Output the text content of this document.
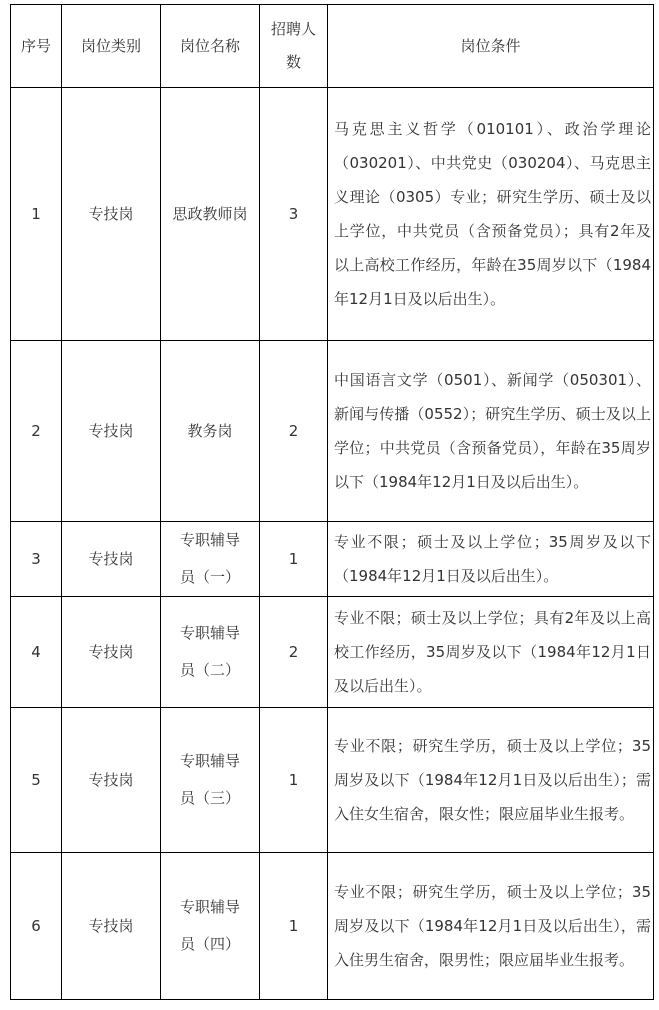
序号	岗位类别	岗位名称	招聘人数	岗位条件
1	专技岗	思政教师岗	3	马克思主义哲学（010101）、政治学理论（030201）、中共党史（030204）、马克思主义理论（0305）专业；研究生学历、硕士及以上学位，中共党员（含预备党员）；具有2年及以上高校工作经历，年龄在35周岁以下（1984年12月1日及以后出生）。
2	专技岗	教务岗	2	中国语言文学（0501）、新闻学（050301）、新闻与传播（0552）；研究生学历、硕士及以上学位；中共党员（含预备党员），年龄在35周岁以下（1984年12月1日及以后出生）。
3	专技岗	专职辅导员（一）	1	专业不限；硕士及以上学位；35周岁及以下（1984年12月1日及以后出生）。
4	专技岗	专职辅导员（二）	2	专业不限；硕士及以上学位；具有2年及以上高校工作经历，35周岁及以下（1984年12月1日及以后出生）。
5	专技岗	专职辅导员（三）	1	专业不限；研究生学历，硕士及以上学位；35周岁及以下（1984年12月1日及以后出生）；需入住女生宿舍，限女性；限应届毕业生报考。
6	专技岗	专职辅导员（四）	1	专业不限；研究生学历，硕士及以上学位；35周岁及以下（1984年12月1日及以后出生），需入住男生宿舍，限男性；限应届毕业生报考。
